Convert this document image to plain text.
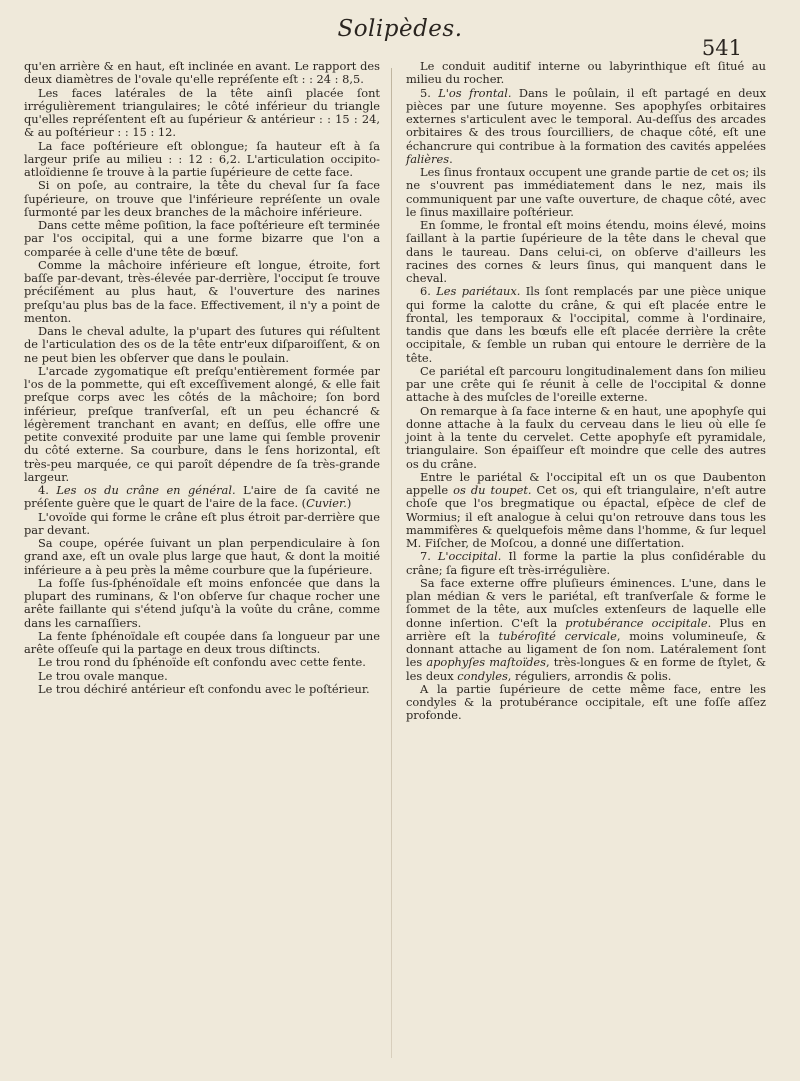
Solipèdes.
541

qu'en arrière & en haut, eſt inclinée en avant. Le rapport des deux diamètres de l'ovale qu'elle repréſente eſt : : 24 : 8,5.

Les faces latérales de la tête ainſi placée ſont irrégulièrement triangulaires; le côté inférieur du triangle qu'elles repréſentent eſt au ſupérieur & antérieur : : 15 : 24, & au poſtérieur : : 15 : 12.

La face poſtérieure eſt oblongue; ſa hauteur eſt à ſa largeur priſe au milieu : : 12 : 6,2. L'articulation occipito-atloïdienne ſe trouve à la partie ſupérieure de cette face.

Si on poſe, au contraire, la tête du cheval ſur ſa face ſupérieure, on trouve que l'inférieure repréſente un ovale ſurmonté par les deux branches de la mâchoire inférieure.

Dans cette même poſition, la face poſtérieure eſt terminée par l'os occipital, qui a une forme bizarre que l'on a comparée à celle d'une tête de bœuf.

Comme la mâchoire inférieure eſt longue, étroite, fort baſſe par-devant, très-élevée par-derrière, l'occiput ſe trouve préciſément au plus haut, & l'ouverture des narines preſqu'au plus bas de la face. Effectivement, il n'y a point de menton.

Dans le cheval adulte, la p'upart des ſutures qui réſultent de l'articulation des os de la tête entr'eux diſparoiſſent, & on ne peut bien les obſerver que dans le poulain.

L'arcade zygomatique eſt preſqu'entièrement formée par l'os de la pommette, qui eſt exceſſivement alongé, & elle fait preſque corps avec les côtés de la mâchoire; ſon bord inférieur, preſque tranſverſal, eſt un peu échancré & légèrement tranchant en avant; en deſſus, elle offre une petite convexité produite par une lame qui ſemble provenir du côté externe. Sa courbure, dans le ſens horizontal, eſt très-peu marquée, ce qui paroît dépendre de ſa très-grande largeur.

4. Les os du crâne en général. L'aire de ſa cavité ne préſente guère que le quart de l'aire de la face. (Cuvier.)

L'ovoïde qui forme le crâne eſt plus étroit par-derrière que par devant.

Sa coupe, opérée ſuivant un plan perpendiculaire à ſon grand axe, eſt un ovale plus large que haut, & dont la moitié inférieure a à peu près la même courbure que la ſupérieure.

La foſſe ſus-ſphénoïdale eſt moins enfoncée que dans la plupart des ruminans, & l'on obſerve ſur chaque rocher une arête faillante qui s'étend juſqu'à la voûte du crâne, comme dans les carnaſſiers.

La fente ſphénoïdale eſt coupée dans ſa longueur par une arête oſſeuſe qui la partage en deux trous diſtincts.

Le trou rond du ſphénoïde eſt confondu avec cette fente.

Le trou ovale manque.

Le trou déchiré antérieur eſt confondu avec le poſtérieur.

Le conduit auditif interne ou labyrinthique eſt ſitué au milieu du rocher.

5. L'os frontal. Dans le poûlain, il eſt partagé en deux pièces par une ſuture moyenne. Ses apophyſes orbitaires externes s'articulent avec le temporal. Au-deſſus des arcades orbitaires & des trous ſourcilliers, de chaque côté, eſt une échancrure qui contribue à la formation des cavités appelées falières.

Les ſinus frontaux occupent une grande partie de cet os; ils ne s'ouvrent pas immédiatement dans le nez, mais ils communiquent par une vaſte ouverture, de chaque côté, avec le ſinus maxillaire poſtérieur.

En ſomme, le frontal eſt moins étendu, moins élevé, moins ſaillant à la partie ſupérieure de la tête dans le cheval que dans le taureau. Dans celui-ci, on obſerve d'ailleurs les racines des cornes & leurs ſinus, qui manquent dans le cheval.

6. Les pariétaux. Ils ſont remplacés par une pièce unique qui forme la calotte du crâne, & qui eſt placée entre le frontal, les temporaux & l'occipital, comme à l'ordinaire, tandis que dans les bœufs elle eſt placée derrière la crête occipitale, & ſemble un ruban qui entoure le derrière de la tête.

Ce pariétal eſt parcouru longitudinalement dans ſon milieu par une crête qui ſe réunit à celle de l'occipital & donne attache à des muſcles de l'oreille externe.

On remarque à ſa face interne & en haut, une apophyſe qui donne attache à la faulx du cerveau dans le lieu où elle ſe joint à la tente du cervelet. Cette apophyſe eſt pyramidale, triangulaire. Son épaiſſeur eſt moindre que celle des autres os du crâne.

Entre le pariétal & l'occipital eſt un os que Daubenton appelle os du toupet. Cet os, qui eſt triangulaire, n'eſt autre choſe que l'os bregmatique ou épactal, eſpèce de clef de Wormius; il eſt analogue à celui qu'on retrouve dans tous les mammifères & quelquefois même dans l'homme, & ſur lequel M. Fiſcher, de Moſcou, a donné une diſſertation.

7. L'occipital. Il forme la partie la plus conſidérable du crâne; ſa figure eſt très-irrégulière.

Sa face externe offre pluſieurs éminences. L'une, dans le plan médian & vers le pariétal, eſt tranſverſale & forme le ſommet de la tête, aux muſcles extenſeurs de laquelle elle donne inſertion. C'eſt la protubérance occipitale. Plus en arrière eſt la tubéroſité cervicale, moins volumineuſe, & donnant attache au ligament de ſon nom. Latéralement ſont les apophyſes maſtoïdes, très-longues & en forme de ſtylet, & les deux condyles, réguliers, arrondis & polis.

A la partie ſupérieure de cette même face, entre les condyles & la protubérance occipitale, eſt une foſſe aſſez profonde.
